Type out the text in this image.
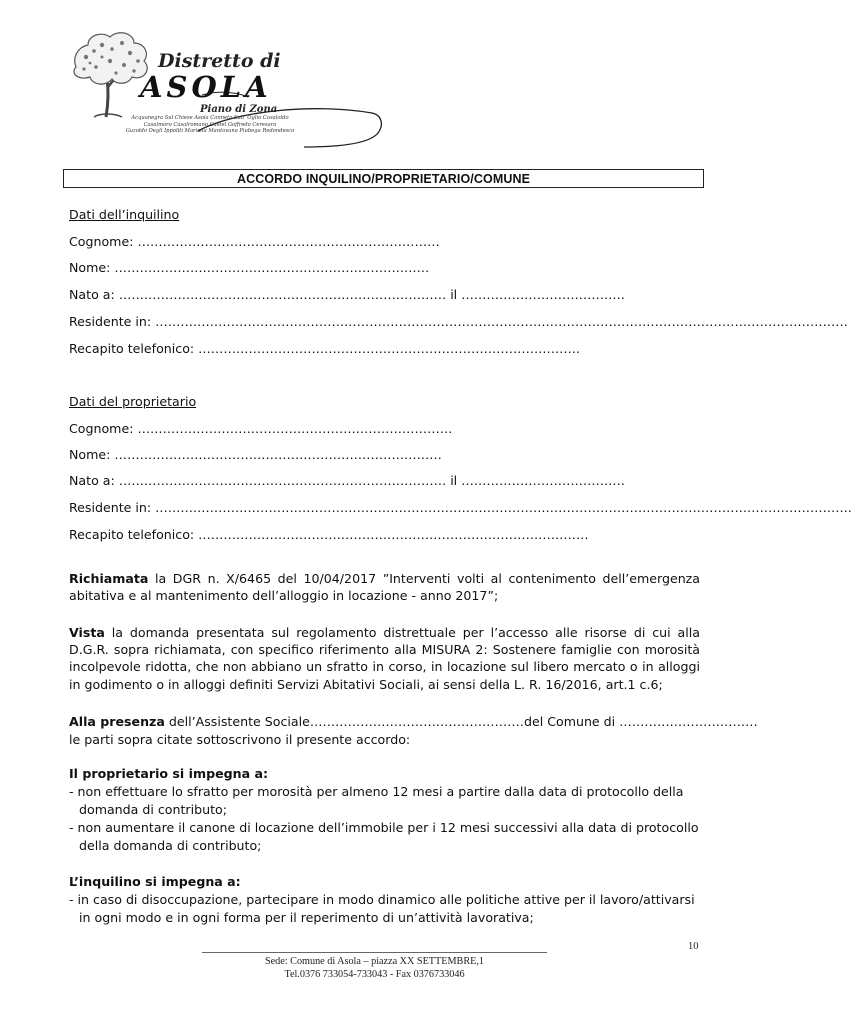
Distretto di
ASOLA
Piano di Zona
Acquanegra Sul Chiese Asola Canneto Sull' Oglio Casaloldo
Casalmoro Casalromano Castel Goffredo Ceresara
Gazoldo Degli Ippoliti Mariana Mantovana Piubega Redondesco
ACCORDO INQUILINO/PROPRIETARIO/COMUNE
Dati dell’inquilino
Cognome: ………………………………………………………………
Nome: …………………………………………………………………
Nato a: …………………………………………………………………… il …………………………………
Residente in: …………………………………………………………………………………………………………………………………………………
Recapito telefonico: ……………………………………………………………………………….
Dati del proprietario
Cognome: …………………………………………………………………
Nome: ……………………………………………………………………
Nato a: …………………………………………………………………… il …………………………………
Residente in: ………………………………………………………………………………………………………………………………………………….
Recapito telefonico: …………………………………………………………………………………
Richiamata la DGR n. X/6465 del 10/04/2017 ”Interventi volti al contenimento dell’emergenza abitativa e al mantenimento dell’alloggio in locazione - anno 2017”;
Vista la domanda presentata sul regolamento distrettuale per l’accesso alle risorse di cui alla D.G.R. sopra richiamata, con specifico riferimento alla MISURA 2: Sostenere famiglie con morosità incolpevole ridotta, che non abbiano un sfratto in corso, in locazione sul libero mercato o in alloggi in godimento o in alloggi definiti Servizi Abitativi Sociali, ai sensi della L. R. 16/2016, art.1 c.6;
Alla presenza dell’Assistente Sociale……………………………………………del Comune di ……………………………
le parti sopra citate sottoscrivono il presente accordo:
Il proprietario si impegna a:
- non effettuare lo sfratto per morosità per almeno 12 mesi a partire dalla data di protocollo della domanda di contributo;
- non aumentare il canone di locazione dell’immobile per i 12 mesi successivi alla data di protocollo della domanda di contributo;
L’inquilino si impegna a:
- in caso di disoccupazione, partecipare in modo dinamico alle politiche attive per il lavoro/attivarsi in ogni modo e in ogni forma per il reperimento di un’attività lavorativa;
10
Sede: Comune di Asola – piazza XX SETTEMBRE,1
Tel.0376 733054-733043 - Fax 0376733046
